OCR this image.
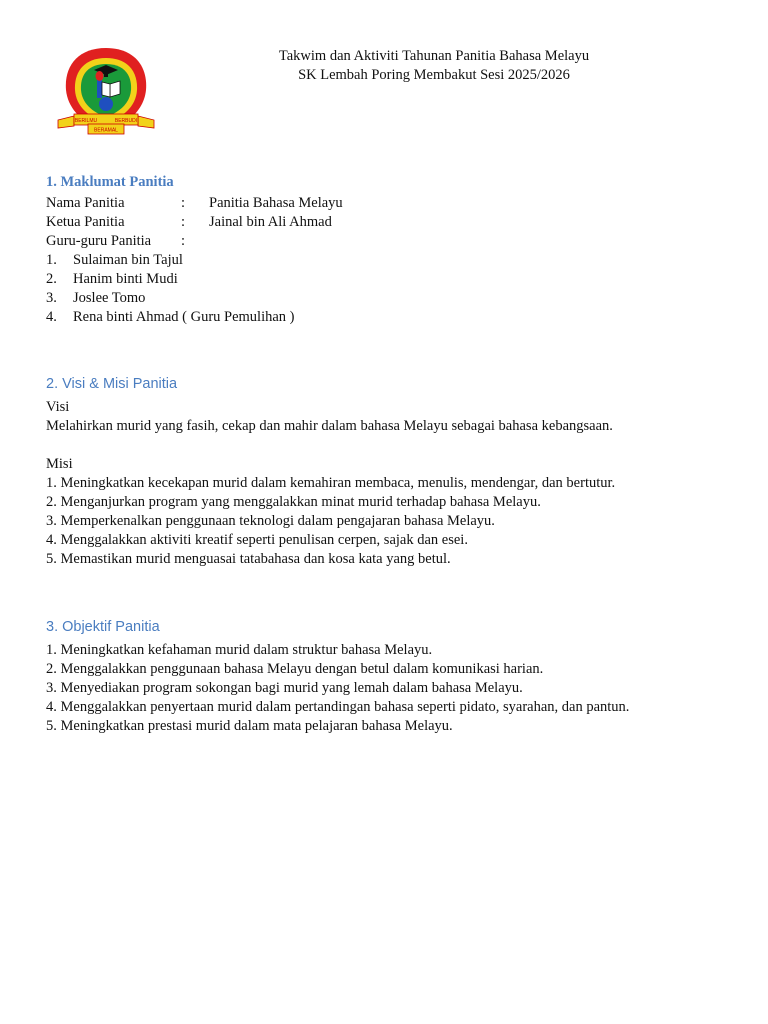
BERILMU	BERBUDI
BERAMAL
Takwim dan Aktiviti Tahunan Panitia Bahasa Melayu
SK Lembah Poring Membakut Sesi 2025/2026
1. Maklumat Panitia
Nama Panitia	:	Panitia Bahasa Melayu
Ketua Panitia	:	Jainal bin Ali Ahmad
Guru-guru Panitia	:
1.	Sulaiman bin Tajul
2.	Hanim binti Mudi
3.	Joslee Tomo
4.	Rena binti Ahmad ( Guru Pemulihan )
2. Visi & Misi Panitia
Visi
Melahirkan murid yang fasih, cekap dan mahir dalam bahasa Melayu sebagai bahasa kebangsaan.
Misi
1. Meningkatkan kecekapan murid dalam kemahiran membaca, menulis, mendengar, dan bertutur.
2. Menganjurkan program yang menggalakkan minat murid terhadap bahasa Melayu.
3. Memperkenalkan penggunaan teknologi dalam pengajaran bahasa Melayu.
4. Menggalakkan aktiviti kreatif seperti penulisan cerpen, sajak dan esei.
5. Memastikan murid menguasai tatabahasa dan kosa kata yang betul.
3. Objektif Panitia
1. Meningkatkan kefahaman murid dalam struktur bahasa Melayu.
2. Menggalakkan penggunaan bahasa Melayu dengan betul dalam komunikasi harian.
3. Menyediakan program sokongan bagi murid yang lemah dalam bahasa Melayu.
4. Menggalakkan penyertaan murid dalam pertandingan bahasa seperti pidato, syarahan, dan pantun.
5. Meningkatkan prestasi murid dalam mata pelajaran bahasa Melayu.
